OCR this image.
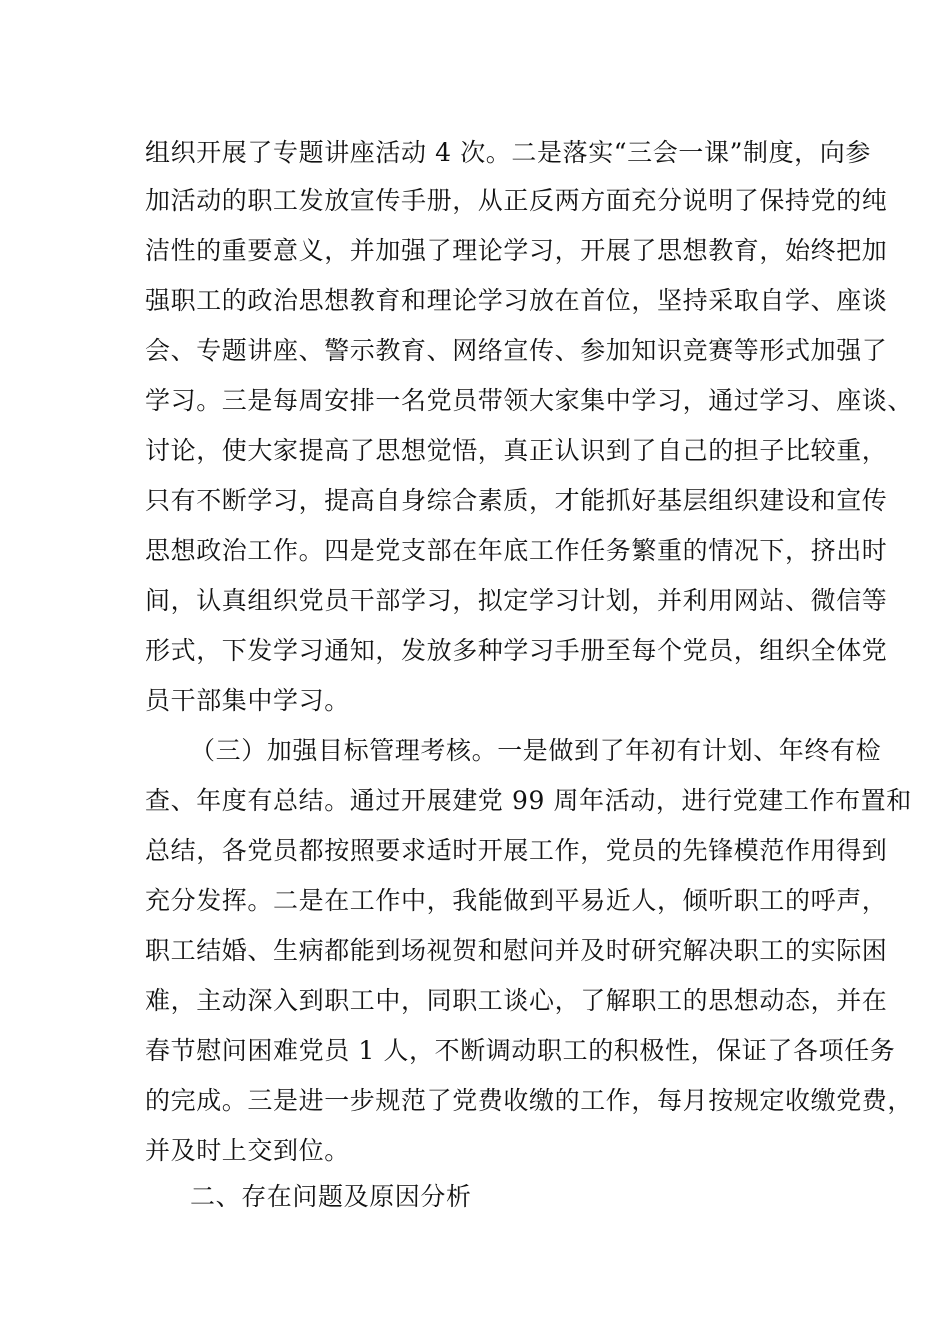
组织开展了专题讲座活动 4 次。二是落实“三会一课”制度，向参
加活动的职工发放宣传手册，从正反两方面充分说明了保持党的纯
洁性的重要意义，并加强了理论学习，开展了思想教育，始终把加
强职工的政治思想教育和理论学习放在首位，坚持采取自学、座谈
会、专题讲座、警示教育、网络宣传、参加知识竞赛等形式加强了
学习。三是每周安排一名党员带领大家集中学习，通过学习、座谈、
讨论，使大家提高了思想觉悟，真正认识到了自己的担子比较重，
只有不断学习，提高自身综合素质，才能抓好基层组织建设和宣传
思想政治工作。四是党支部在年底工作任务繁重的情况下，挤出时
间，认真组织党员干部学习，拟定学习计划，并利用网站、微信等
形式，下发学习通知，发放多种学习手册至每个党员，组织全体党
员干部集中学习。
（三）加强目标管理考核。一是做到了年初有计划、年终有检
查、年度有总结。通过开展建党 99 周年活动，进行党建工作布置和
总结，各党员都按照要求适时开展工作，党员的先锋模范作用得到
充分发挥。二是在工作中，我能做到平易近人，倾听职工的呼声，
职工结婚、生病都能到场视贺和慰问并及时研究解决职工的实际困
难，主动深入到职工中，同职工谈心，了解职工的思想动态，并在
春节慰问困难党员 1 人，不断调动职工的积极性，保证了各项任务
的完成。三是进一步规范了党费收缴的工作，每月按规定收缴党费，
并及时上交到位。
二、存在问题及原因分析
